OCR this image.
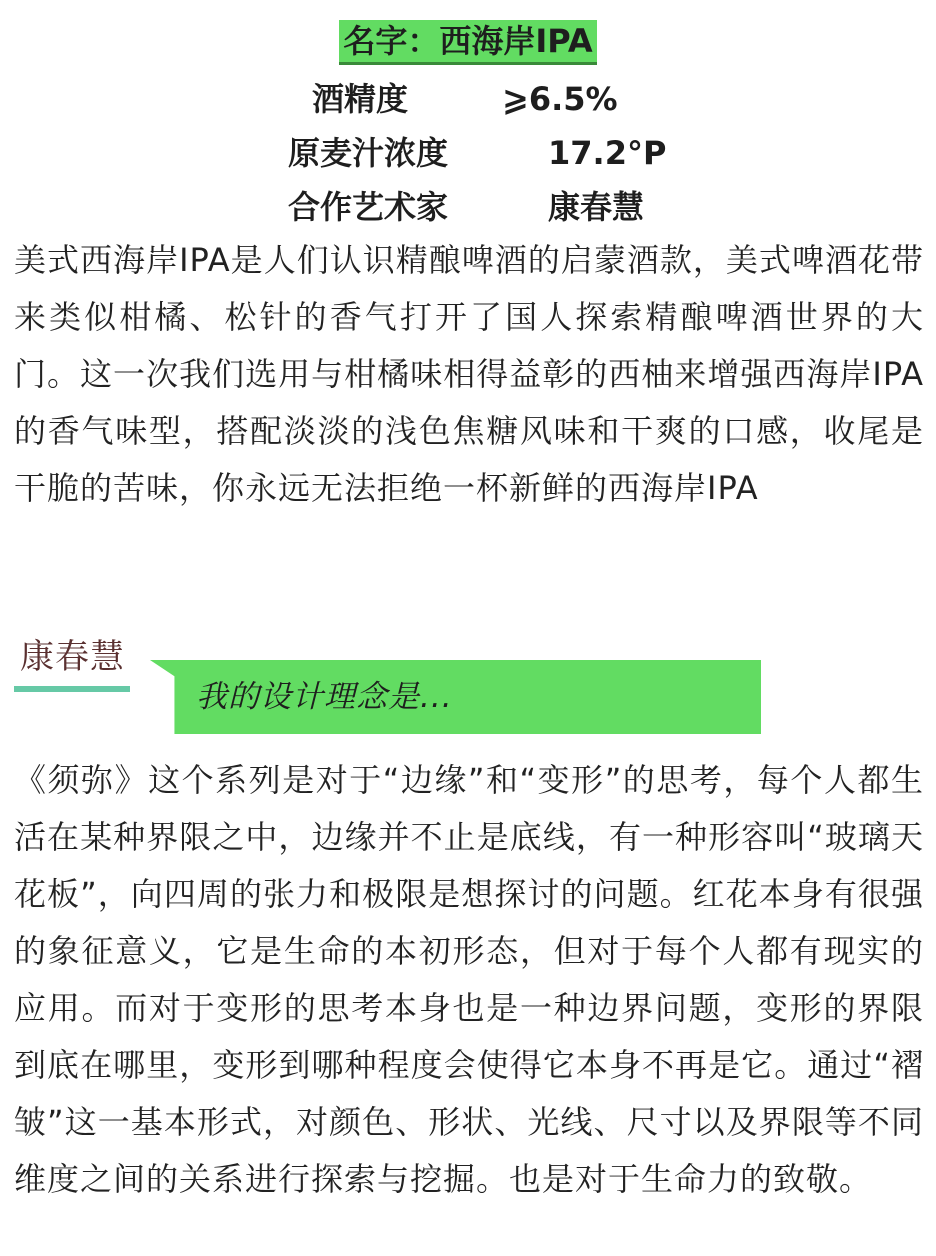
名字：西海岸IPA
酒精度	⩾6.5%
原麦汁浓度	17.2°P
合作艺术家	康春慧
美式西海岸IPA是人们认识精酿啤酒的启蒙酒款，美式啤酒花带来类似柑橘、松针的香气打开了国人探索精酿啤酒世界的大门。这一次我们选用与柑橘味相得益彰的西柚来增强西海岸IPA的香气味型，搭配淡淡的浅色焦糖风味和干爽的口感，收尾是干脆的苦味，你永远无法拒绝一杯新鲜的西海岸IPA
康春慧
我的设计理念是...
《须弥》这个系列是对于“边缘”和“变形”的思考，每个人都生活在某种界限之中，边缘并不止是底线，有一种形容叫“玻璃天花板”，向四周的张力和极限是想探讨的问题。红花本身有很强的象征意义，它是生命的本初形态，但对于每个人都有现实的应用。而对于变形的思考本身也是一种边界问题，变形的界限到底在哪里，变形到哪种程度会使得它本身不再是它。通过“褶皱”这一基本形式，对颜色、形状、光线、尺寸以及界限等不同维度之间的关系进行探索与挖掘。也是对于生命力的致敬。
